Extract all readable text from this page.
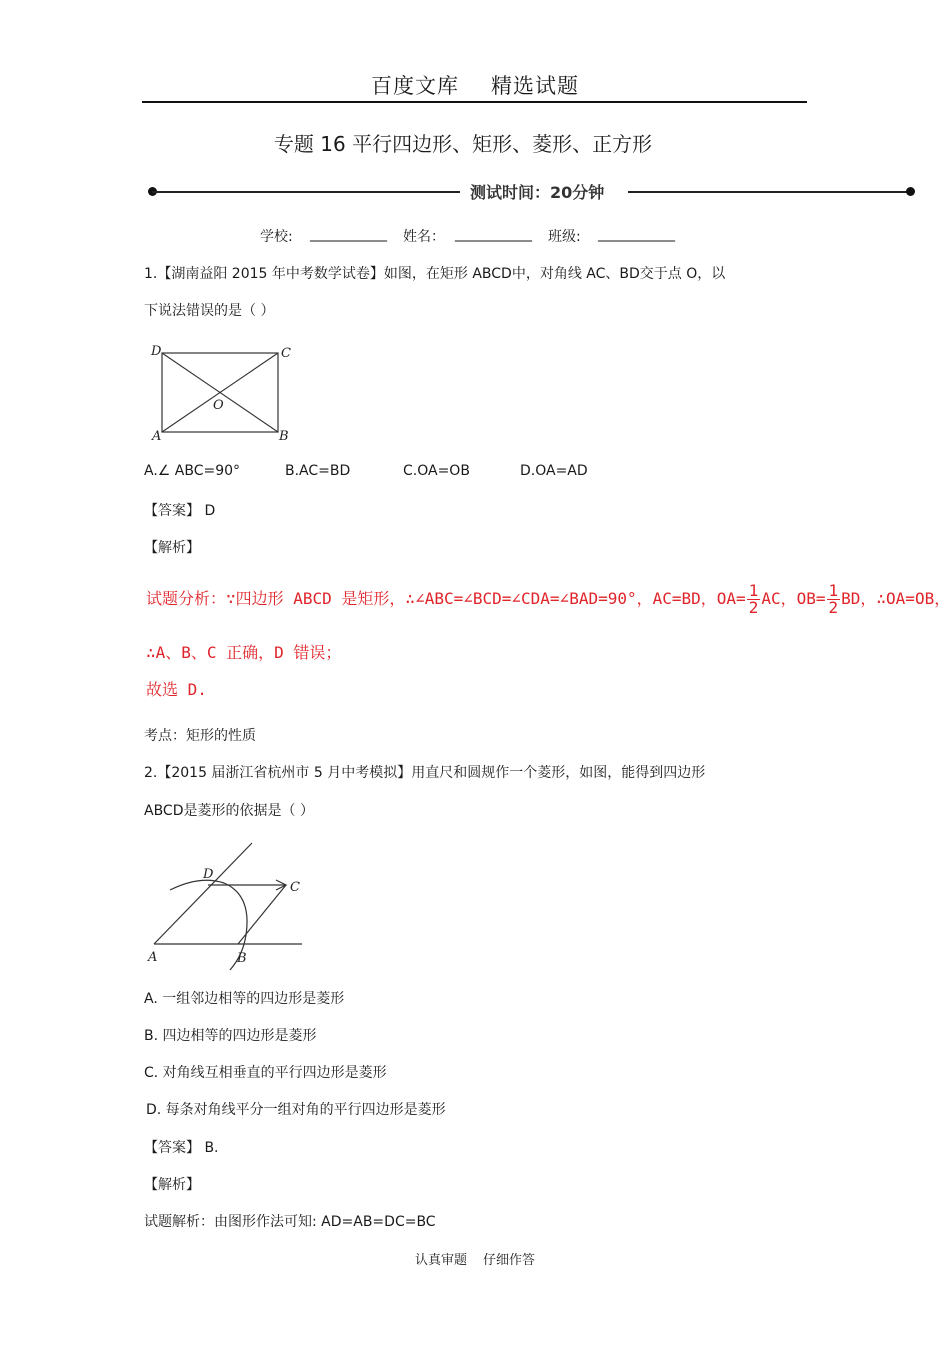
百度文库 精选试题
专题 16 平行四边形、矩形、菱形、正方形
测试时间：20分钟
学校: ___________ 姓名： ___________ 班级: ___________
1.【湖南益阳 2015 年中考数学试卷】如图，在矩形 ABCD中，对角线 AC、BD交于点 O，以
下说法错误的是（ ）
D	C
O
A	B
A.∠ ABC=90°	B.AC=BD	C.OA=OB	D.OA=AD
【答案】 D
【解析】
试题分析：∵四边形 ABCD 是矩形，∴∠ABC=∠BCD=∠CDA=∠BAD=90°，AC=BD，$OA= \frac{1}{2}$ AC，$OB= \frac{1}{2}$ BD，∴OA=OB，
∴A、B、C 正确，D 错误；
故选 D.
考点：矩形的性质
2.【2015 届浙江省杭州市 5 月中考模拟】用直尺和圆规作一个菱形，如图，能得到四边形
ABCD是菱形的依据是（ ）
D
C
A	B
A. 一组邻边相等的四边形是菱形
B. 四边相等的四边形是菱形
C. 对角线互相垂直的平行四边形是菱形
D. 每条对角线平分一组对角的平行四边形是菱形
【答案】 B.
【解析】
试题解析：由图形作法可知: AD=AB=DC=BC
认真审题 仔细作答
